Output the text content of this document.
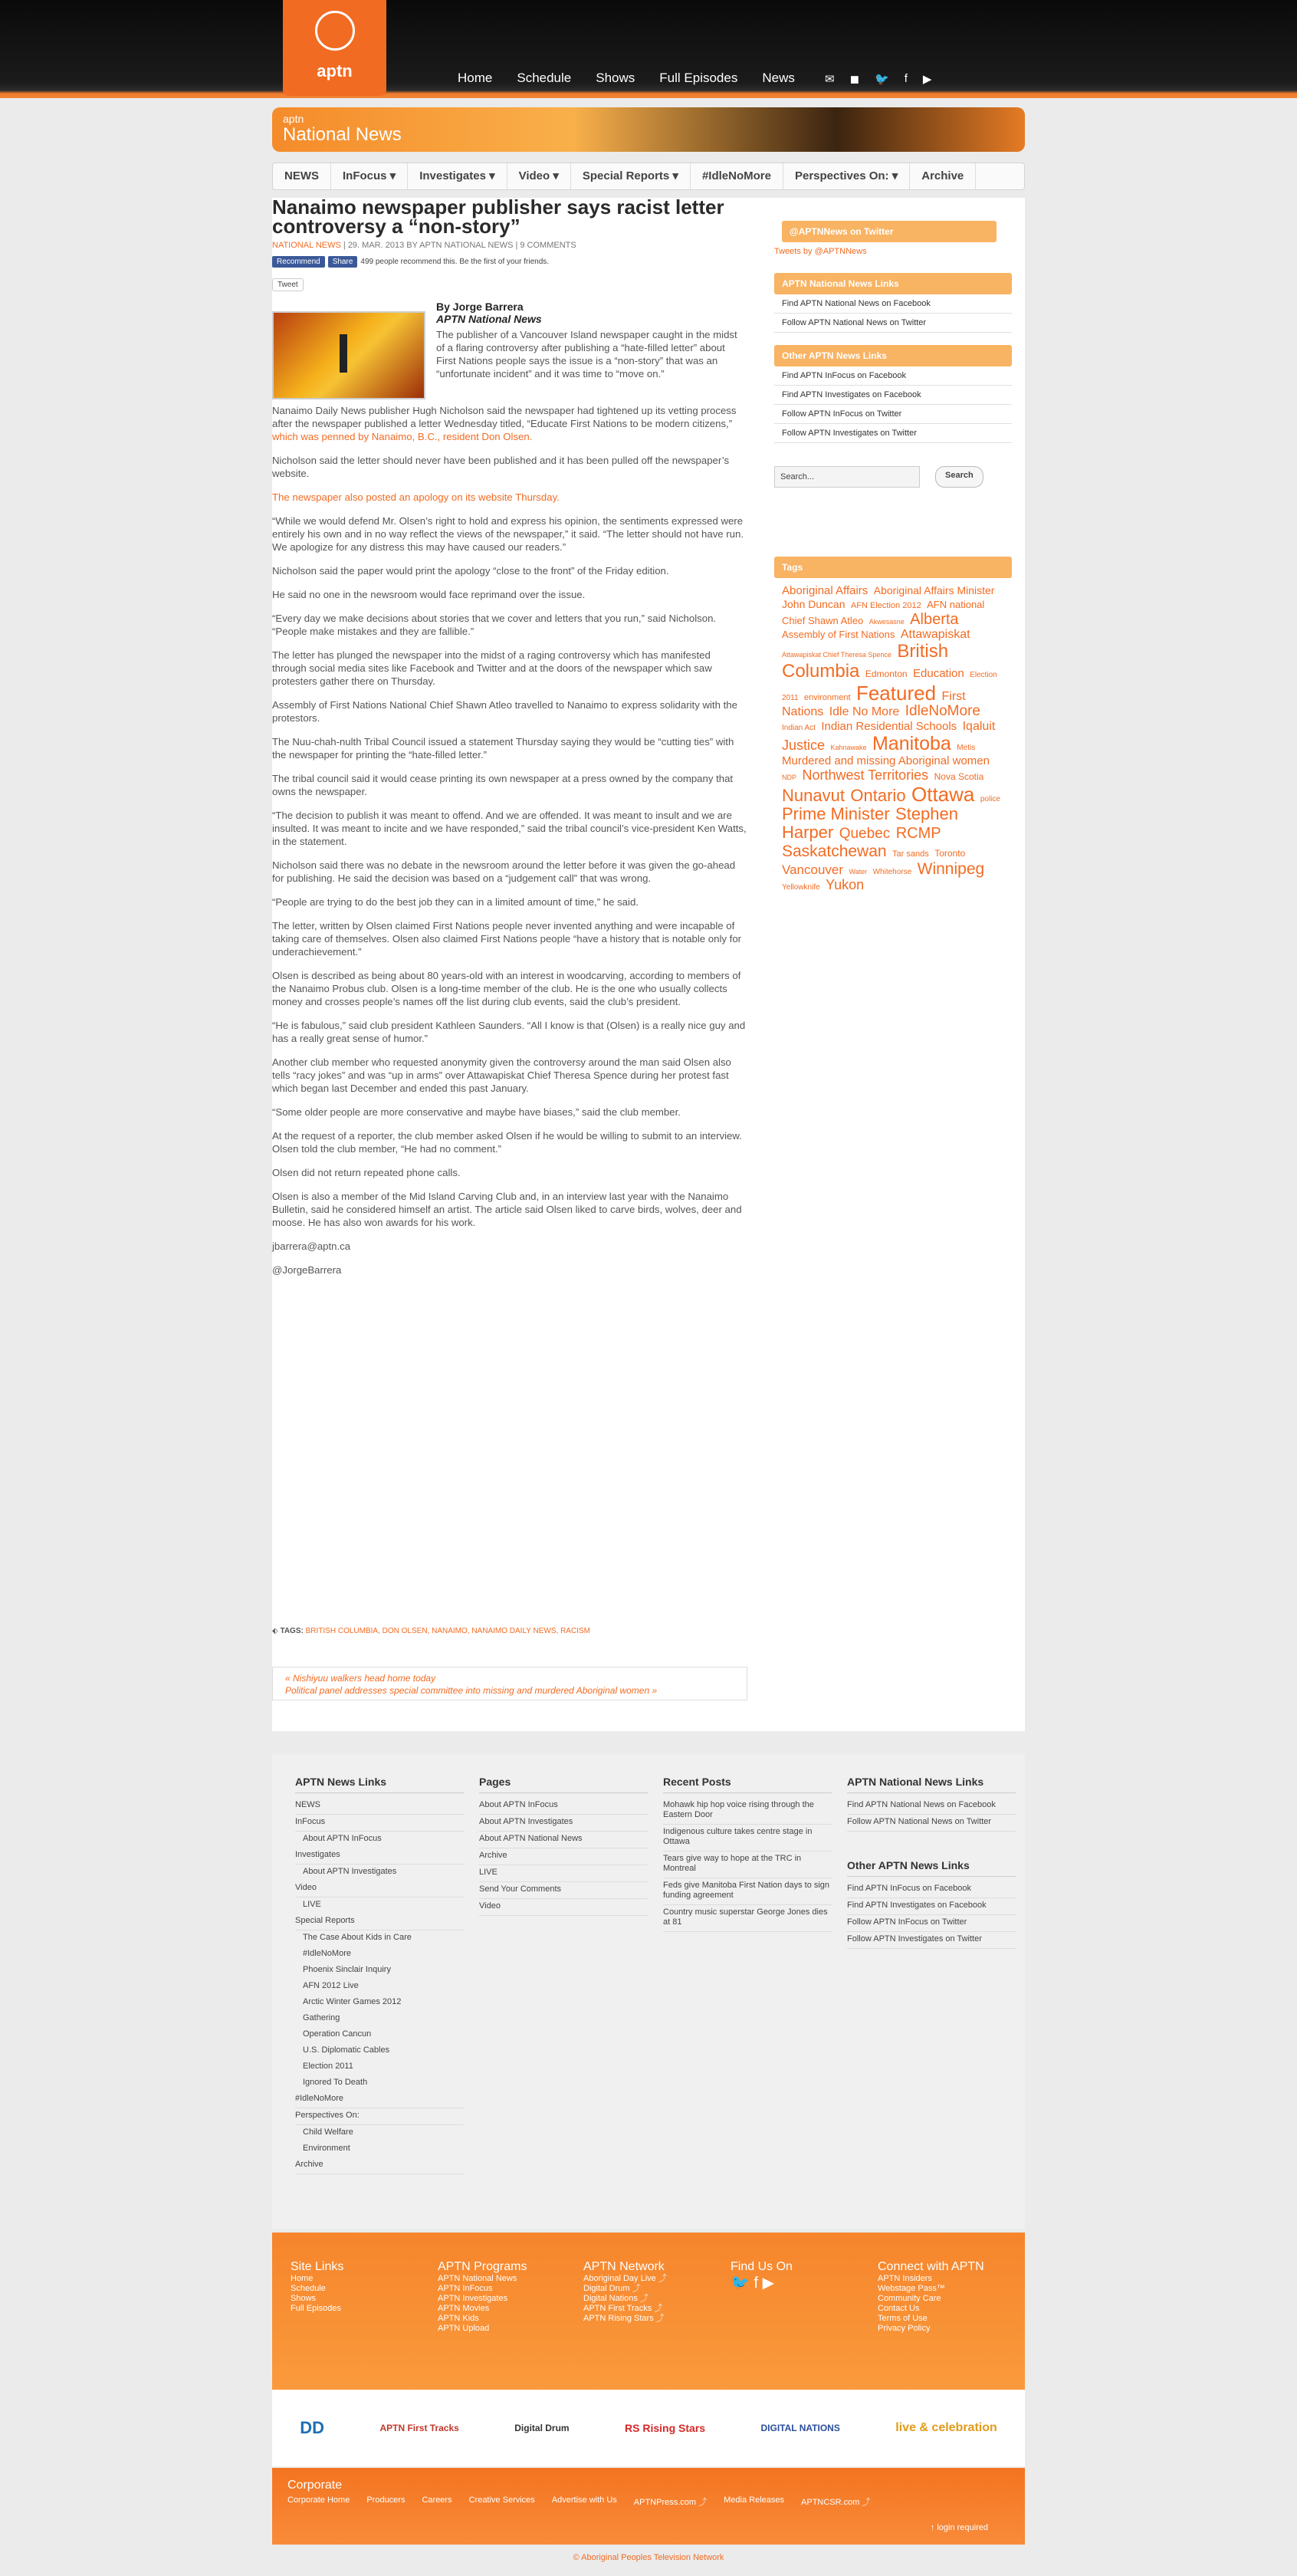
aptn	Home Schedule Shows Full Episodes News	✉ ◼ 🐦 f ▶
aptn
National News
NEWS	InFocus ▾	Investigates ▾	Video ▾	Special Reports ▾	#IdleNoMore	Perspectives On: ▾	Archive
Nanaimo newspaper publisher says racist letter controversy a “non-story”
NATIONAL NEWS | 29. MAR. 2013 BY APTN NATIONAL NEWS | 9 COMMENTS
Recommend	Share	499 people recommend this. Be the first of your friends.
Tweet
By Jorge Barrera
APTN National News

The publisher of a Vancouver Island newspaper caught in the midst of a flaring controversy after publishing a “hate-filled letter” about First Nations people says the issue is a “non-story” that was an “unfortunate incident” and it was time to “move on.”

Nanaimo Daily News publisher Hugh Nicholson said the newspaper had tightened up its vetting process after the newspaper published a letter Wednesday titled, “Educate First Nations to be modern citizens,” which was penned by Nanaimo, B.C., resident Don Olsen.

Nicholson said the letter should never have been published and it has been pulled off the newspaper’s website.

The newspaper also posted an apology on its website Thursday.

“While we would defend Mr. Olsen’s right to hold and express his opinion, the sentiments expressed were entirely his own and in no way reflect the views of the newspaper,” it said. “The letter should not have run. We apologize for any distress this may have caused our readers.”

Nicholson said the paper would print the apology “close to the front” of the Friday edition.

He said no one in the newsroom would face reprimand over the issue.

“Every day we make decisions about stories that we cover and letters that you run,” said Nicholson. “People make mistakes and they are fallible.”

The letter has plunged the newspaper into the midst of a raging controversy which has manifested through social media sites like Facebook and Twitter and at the doors of the newspaper which saw protesters gather there on Thursday.

Assembly of First Nations National Chief Shawn Atleo travelled to Nanaimo to express solidarity with the protestors.

The Nuu-chah-nulth Tribal Council issued a statement Thursday saying they would be “cutting ties” with the newspaper for printing the “hate-filled letter.”

The tribal council said it would cease printing its own newspaper at a press owned by the company that owns the newspaper.

“The decision to publish it was meant to offend. And we are offended. It was meant to insult and we are insulted. It was meant to incite and we have responded,” said the tribal council’s vice-president Ken Watts, in the statement.

Nicholson said there was no debate in the newsroom around the letter before it was given the go-ahead for publishing. He said the decision was based on a “judgement call” that was wrong.

“People are trying to do the best job they can in a limited amount of time,” he said.

The letter, written by Olsen claimed First Nations people never invented anything and were incapable of taking care of themselves. Olsen also claimed First Nations people “have a history that is notable only for underachievement.”

Olsen is described as being about 80 years-old with an interest in woodcarving, according to members of the Nanaimo Probus club. Olsen is a long-time member of the club. He is the one who usually collects money and crosses people’s names off the list during club events, said the club’s president.

“He is fabulous,” said club president Kathleen Saunders. “All I know is that (Olsen) is a really nice guy and has a really great sense of humor.”

Another club member who requested anonymity given the controversy around the man said Olsen also tells “racy jokes” and was “up in arms” over Attawapiskat Chief Theresa Spence during her protest fast which began last December and ended this past January.

“Some older people are more conservative and maybe have biases,” said the club member.

At the request of a reporter, the club member asked Olsen if he would be willing to submit to an interview. Olsen told the club member, “He had no comment.”

Olsen did not return repeated phone calls.

Olsen is also a member of the Mid Island Carving Club and, in an interview last year with the Nanaimo Bulletin, said he considered himself an artist. The article said Olsen liked to carve birds, wolves, deer and moose. He has also won awards for his work.

jbarrera@aptn.ca

@JorgeBarrera

⬖ TAGS: BRITISH COLUMBIA, DON OLSEN, NANAIMO, NANAIMO DAILY NEWS, RACISM
« Nishiyuu walkers head home today
Political panel addresses special committee into missing and murdered Aboriginal women »
@APTNNews on Twitter
Tweets by @APTNNews
APTN National News Links
Find APTN National News on Facebook
Follow APTN National News on Twitter
Other APTN News Links
Find APTN InFocus on Facebook
Find APTN Investigates on Facebook
Follow APTN InFocus on Twitter
Follow APTN Investigates on Twitter
Search...	Search
Tags
Aboriginal Affairs Aboriginal Affairs Minister John Duncan AFN Election 2012 AFN national Chief Shawn Atleo Akwesasne Alberta Assembly of First Nations Attawapiskat Attawapiskat Chief Theresa Spence British Columbia Edmonton Education Election 2011 environment Featured First Nations Idle No More IdleNoMore Indian Act Indian Residential Schools Iqaluit Justice Kahnawake Manitoba Metis Murdered and missing Aboriginal women NDP Northwest Territories Nova Scotia Nunavut Ontario Ottawa police Prime Minister Stephen Harper Quebec RCMP Saskatchewan Tar sands Toronto Vancouver Water Whitehorse Winnipeg Yellowknife Yukon
APTN News Links
NEWS
InFocus
About APTN InFocus
Investigates
About APTN Investigates
Video
LIVE
Special Reports
The Case About Kids in Care
#IdleNoMore
Phoenix Sinclair Inquiry
AFN 2012 Live
Arctic Winter Games 2012
Gathering
Operation Cancun
U.S. Diplomatic Cables
Election 2011
Ignored To Death
#IdleNoMore
Perspectives On:
Child Welfare
Environment
Archive
Pages
About APTN InFocus
About APTN Investigates
About APTN National News
Archive
LIVE
Send Your Comments
Video
Recent Posts
Mohawk hip hop voice rising through the Eastern Door
Indigenous culture takes centre stage in Ottawa
Tears give way to hope at the TRC in Montreal
Feds give Manitoba First Nation days to sign funding agreement
Country music superstar George Jones dies at 81
APTN National News Links
Find APTN National News on Facebook
Follow APTN National News on Twitter
Other APTN News Links
Find APTN InFocus on Facebook
Find APTN Investigates on Facebook
Follow APTN InFocus on Twitter
Follow APTN Investigates on Twitter
Site Links
Home
Schedule
Shows
Full Episodes
APTN Programs
APTN National News
APTN InFocus
APTN Investigates
APTN Movies
APTN Kids
APTN Upload
APTN Network
Aboriginal Day Live ⤴
Digital Drum ⤴
Digital Nations ⤴
APTN First Tracks ⤴
APTN Rising Stars ⤴
Find Us On
🐦 f ▶
Connect with APTN
APTN Insiders
Webstage Pass™
Community Care
Contact Us
Terms of Use
Privacy Policy
DD	APTN First Tracks	Digital Drum	RS Rising Stars	DIGITAL NATIONS	live & celebration
Corporate
Corporate Home Producers Careers Creative Services Advertise with Us APTNPress.com ⤴ Media Releases APTNCSR.com ⤴
↑ login required
© Aboriginal Peoples Television Network
